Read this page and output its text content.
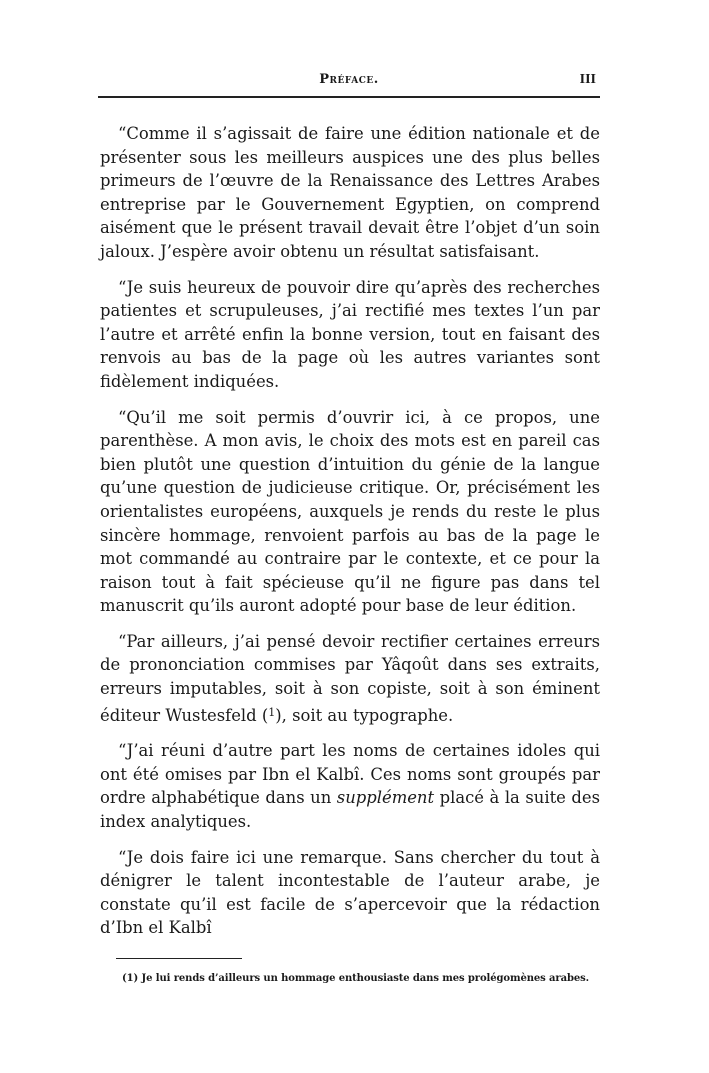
Préface.	III

“Comme il s’agissait de faire une édition nationale et de présenter sous les meilleurs auspices une des plus belles primeurs de l’œuvre de la Renaissance des Lettres Arabes entreprise par le Gouvernement Egyptien, on comprend aisément que le présent travail devait être l’objet d’un soin jaloux. J’espère avoir obtenu un résultat satisfaisant.

“Je suis heureux de pouvoir dire qu’après des recherches patientes et scrupuleuses, j’ai rectifié mes textes l’un par l’autre et arrêté enfin la bonne version, tout en faisant des renvois au bas de la page où les autres variantes sont fidèlement indiquées.

“Qu’il me soit permis d’ouvrir ici, à ce propos, une parenthèse. A mon avis, le choix des mots est en pareil cas bien plutôt une question d’intuition du génie de la langue qu’une question de judicieuse critique. Or, précisément les orientalistes européens, auxquels je rends du reste le plus sincère hommage, renvoient parfois au bas de la page le mot commandé au contraire par le contexte, et ce pour la raison tout à fait spécieuse qu’il ne figure pas dans tel manuscrit qu’ils auront adopté pour base de leur édition.

“Par ailleurs, j’ai pensé devoir rectifier certaines erreurs de prononciation commises par Yâqoût dans ses extraits, erreurs imputables, soit à son copiste, soit à son éminent éditeur Wustesfeld ($^1$), soit au typographe.

“J’ai réuni d’autre part les noms de certaines idoles qui ont été omises par Ibn el Kalbî. Ces noms sont groupés par ordre alphabétique dans un supplément placé à la suite des index analytiques.

“Je dois faire ici une remarque. Sans chercher du tout à dénigrer le talent incontestable de l’auteur arabe, je constate qu’il est facile de s’apercevoir que la rédaction d’Ibn el Kalbî

(1) Je lui rends d’ailleurs un hommage enthousiaste dans mes prolégomènes arabes.
